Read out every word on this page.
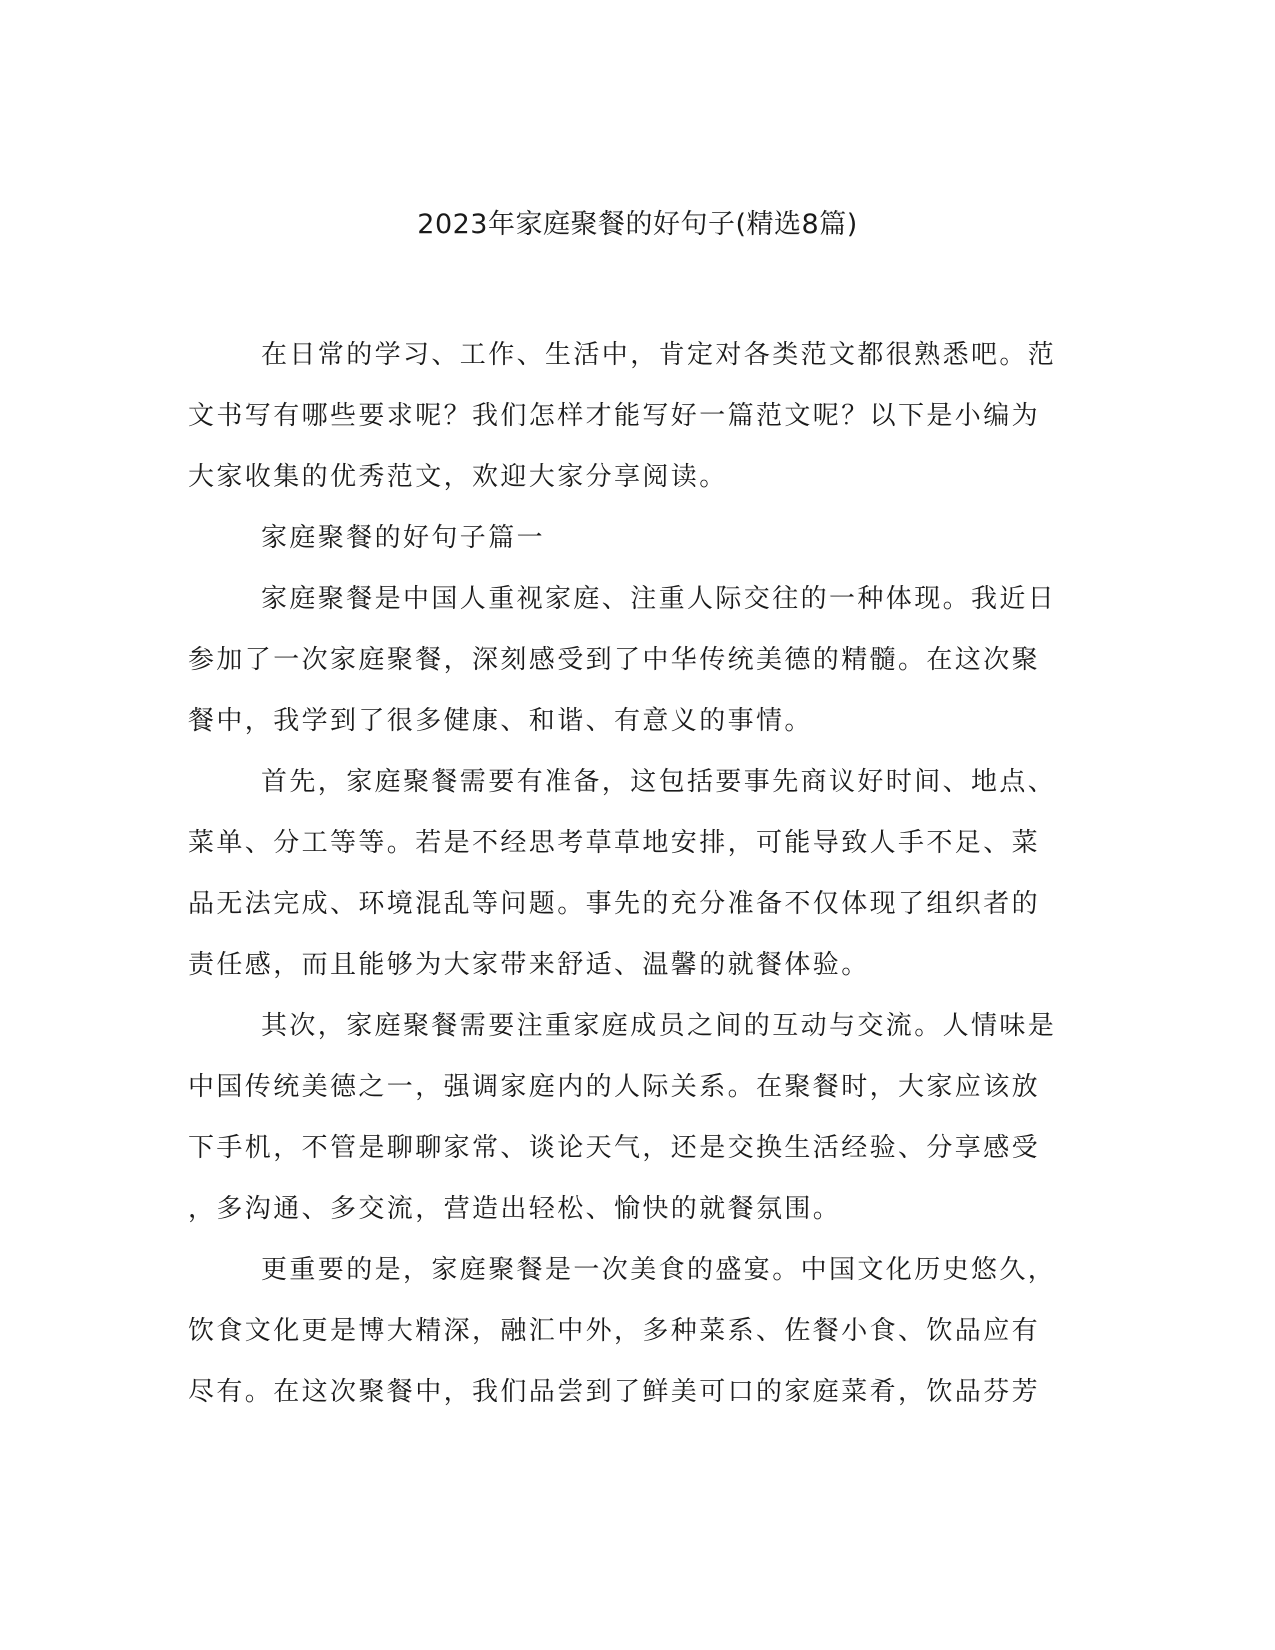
2023年家庭聚餐的好句子(精选8篇)
在日常的学习、工作、生活中，肯定对各类范文都很熟悉吧。范
文书写有哪些要求呢？我们怎样才能写好一篇范文呢？以下是小编为
大家收集的优秀范文，欢迎大家分享阅读。
家庭聚餐的好句子篇一
家庭聚餐是中国人重视家庭、注重人际交往的一种体现。我近日
参加了一次家庭聚餐，深刻感受到了中华传统美德的精髓。在这次聚
餐中，我学到了很多健康、和谐、有意义的事情。
首先，家庭聚餐需要有准备，这包括要事先商议好时间、地点、
菜单、分工等等。若是不经思考草草地安排，可能导致人手不足、菜
品无法完成、环境混乱等问题。事先的充分准备不仅体现了组织者的
责任感，而且能够为大家带来舒适、温馨的就餐体验。
其次，家庭聚餐需要注重家庭成员之间的互动与交流。人情味是
中国传统美德之一，强调家庭内的人际关系。在聚餐时，大家应该放
下手机，不管是聊聊家常、谈论天气，还是交换生活经验、分享感受
，多沟通、多交流，营造出轻松、愉快的就餐氛围。
更重要的是，家庭聚餐是一次美食的盛宴。中国文化历史悠久，
饮食文化更是博大精深，融汇中外，多种菜系、佐餐小食、饮品应有
尽有。在这次聚餐中，我们品尝到了鲜美可口的家庭菜肴，饮品芬芳
